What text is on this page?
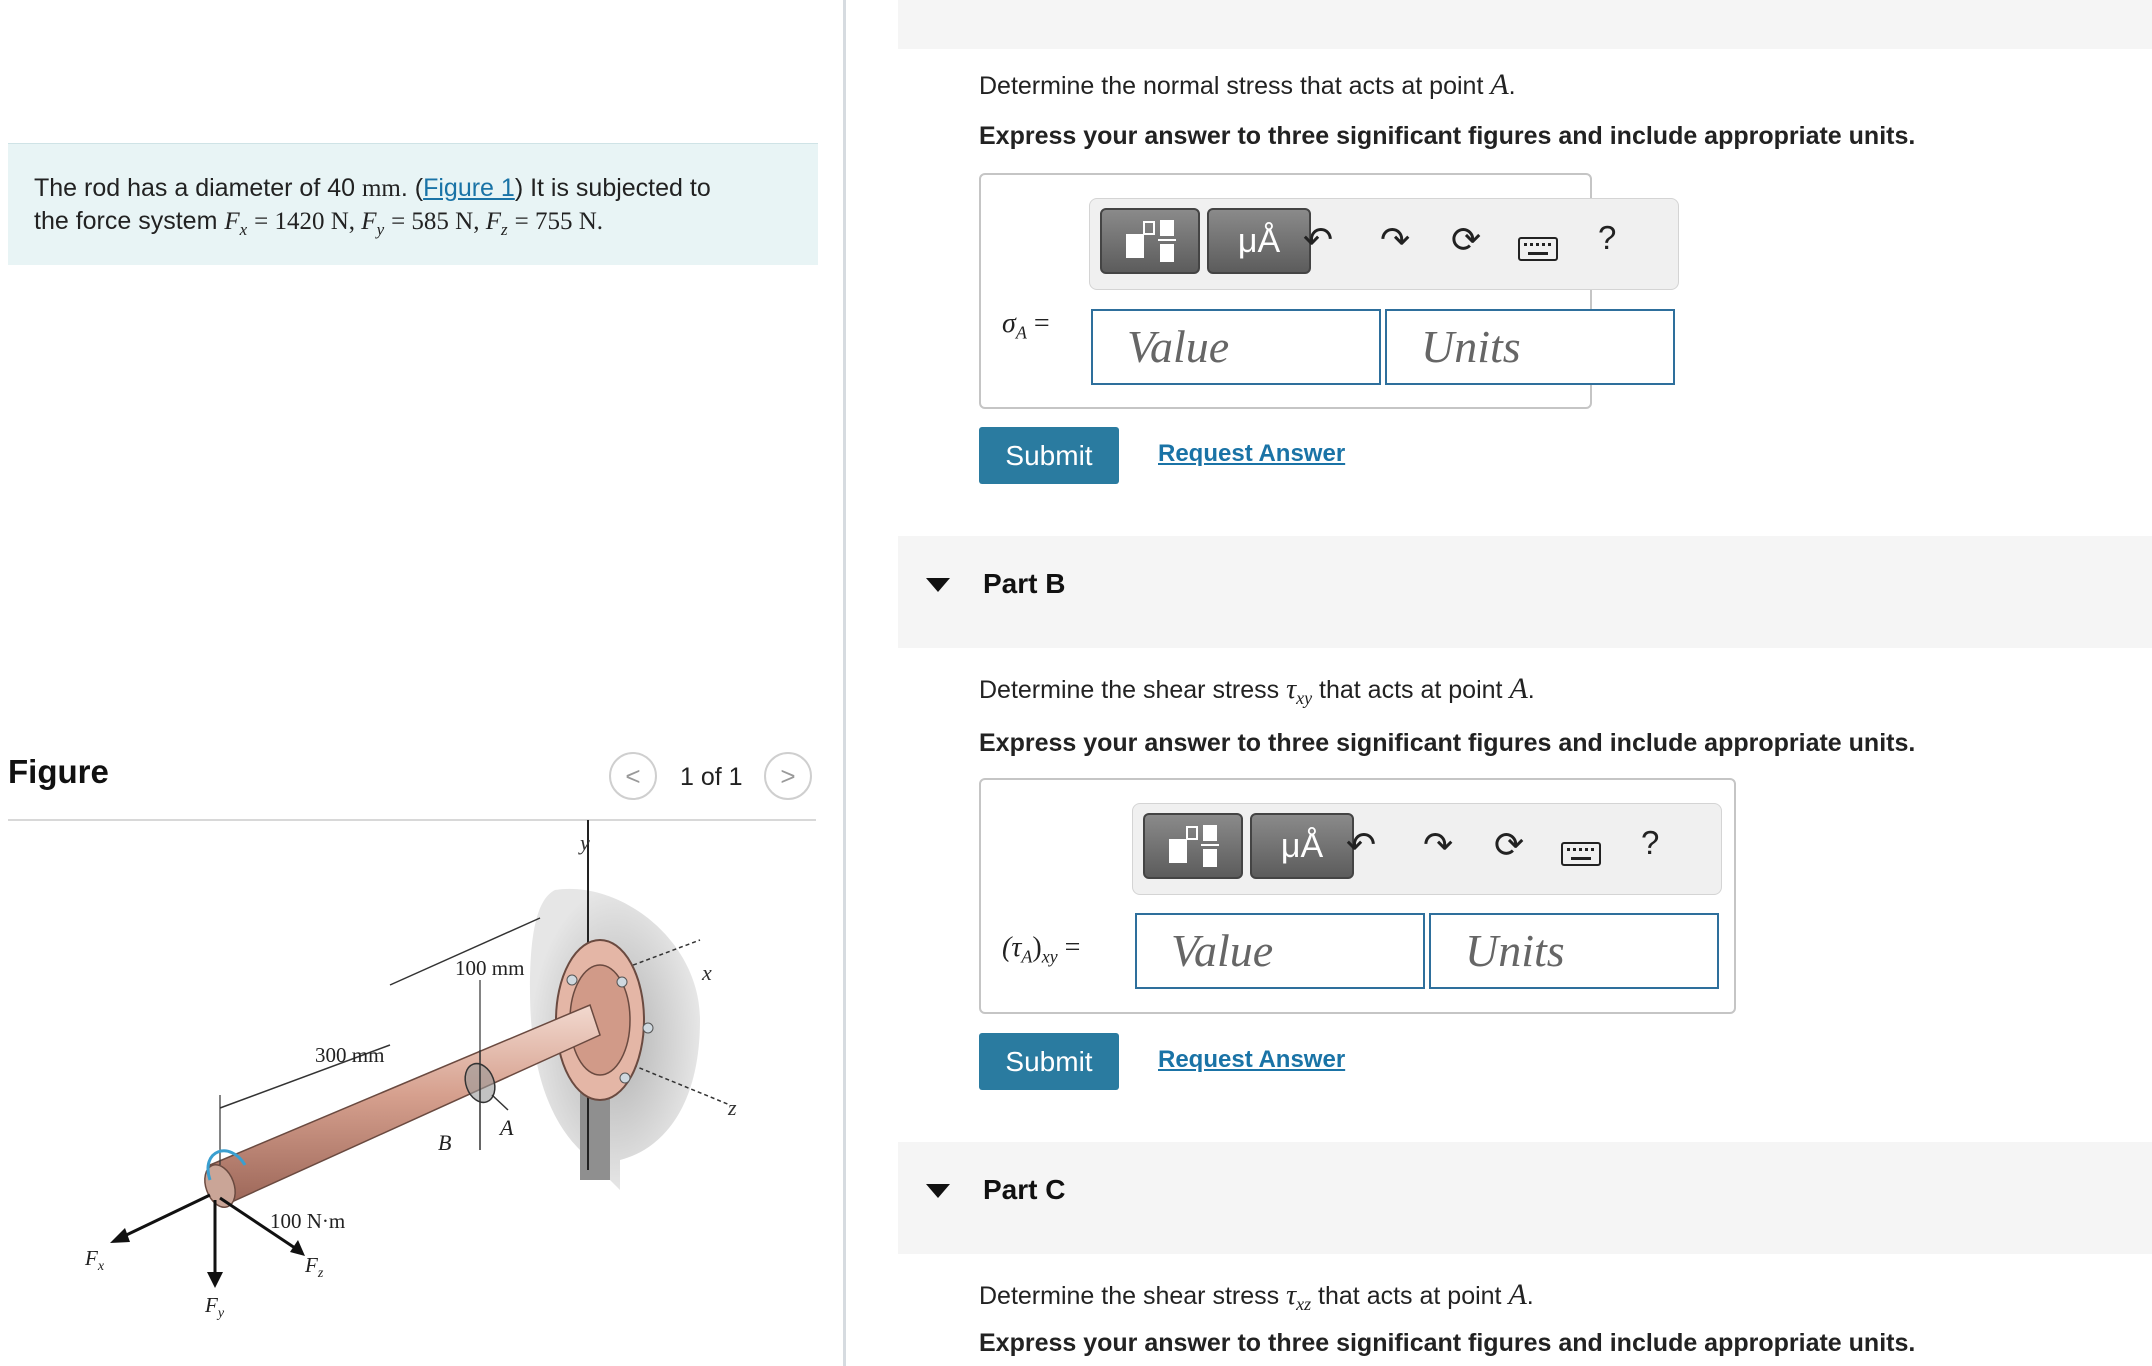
The rod has a diameter of 40 mm. (Figure 1) It is subjected to
the force system $F_x = 1420$ N, $F_y = 585$ N, $F_z = 755$ N.
Figure	<	1 of 1	>
y
x
z
A
B
100 mm
300 mm
100 N·m
$F_x$
$F_y$
$F_z$
Determine the normal stress that acts at point A.
Express your answer to three significant figures and include appropriate units.
μÅ ↶ ↷ ⟳	?
$\sigma_A$ =	Value	Units
Submit	Request Answer
Part B
Determine the shear stress $\tau_{xy}$ that acts at point A.
Express your answer to three significant figures and include appropriate units.
μÅ ↶ ↷ ⟳	?
$(\tau_A)_{xy}$ =	Value	Units
Submit	Request Answer
Part C
Determine the shear stress $\tau_{xz}$ that acts at point A.
Express your answer to three significant figures and include appropriate units.
